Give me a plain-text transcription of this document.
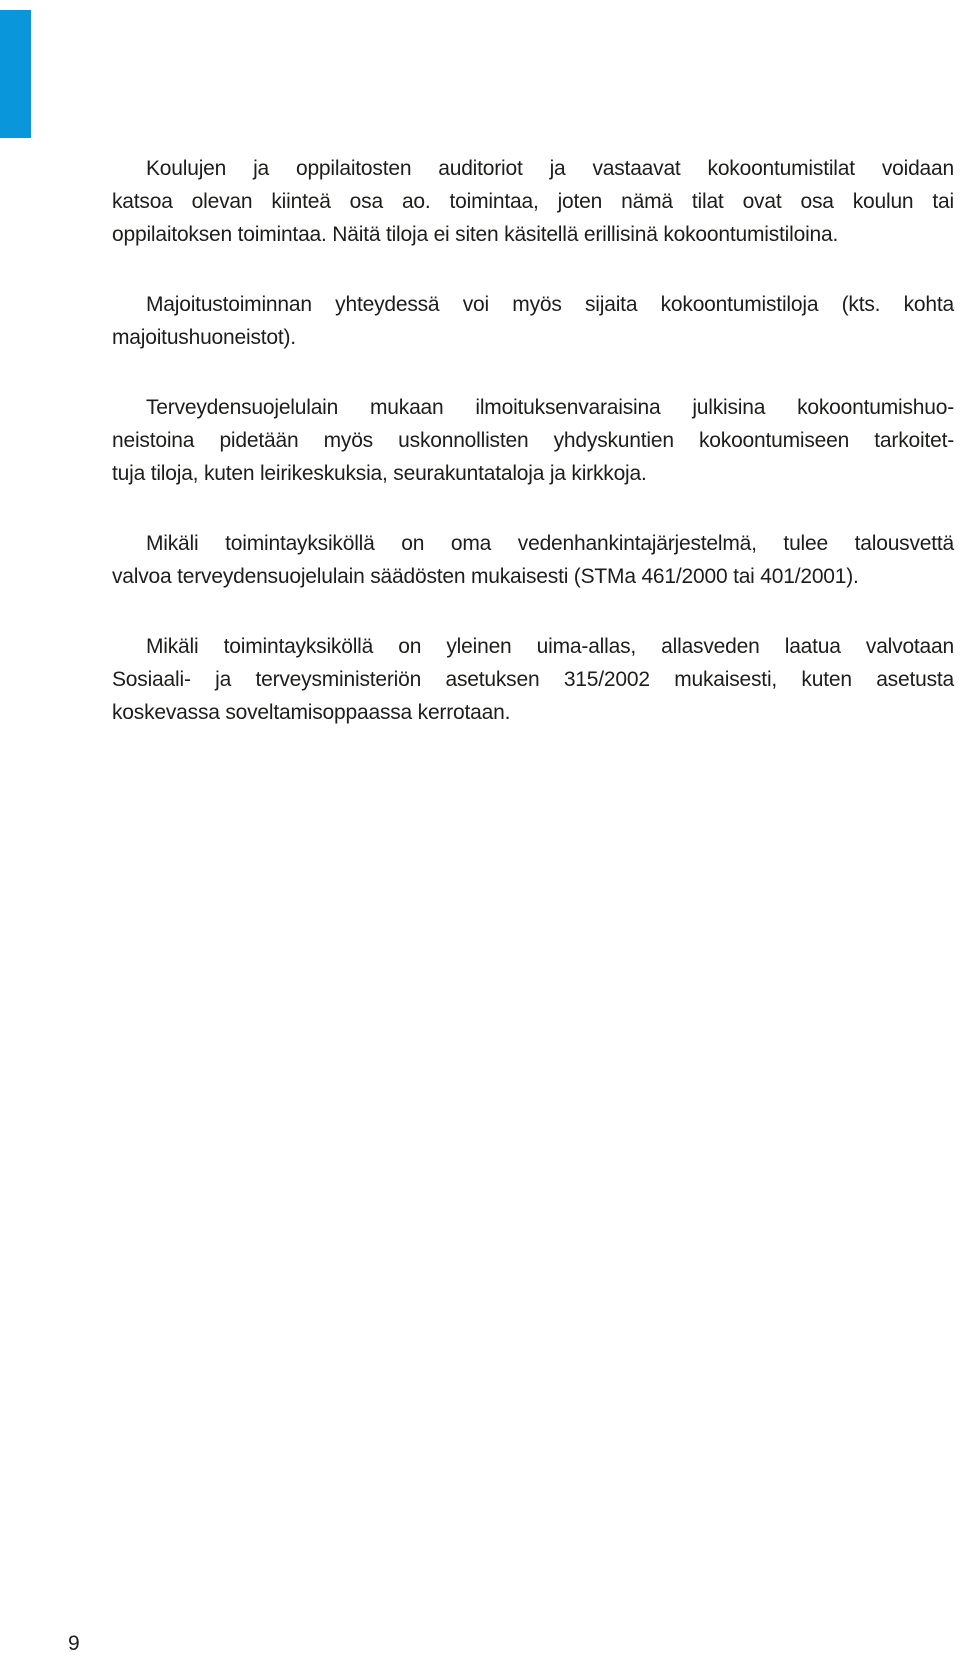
Koulujen ja oppilaitosten auditoriot ja vastaavat kokoontumistilat voidaan
katsoa olevan kiinteä osa ao. toimintaa, joten nämä tilat ovat osa koulun tai
oppilaitoksen toimintaa. Näitä tiloja ei siten käsitellä erillisinä kokoontumistiloina.

Majoitustoiminnan yhteydessä voi myös sijaita kokoontumistiloja (kts. kohta
majoitushuoneistot).

Terveydensuojelulain mukaan ilmoituksenvaraisina julkisina kokoontumishuo-
neistoina pidetään myös uskonnollisten yhdyskuntien kokoontumiseen tarkoitet-
tuja tiloja, kuten leirikeskuksia, seurakuntataloja ja kirkkoja.

Mikäli toimintayksiköllä on oma vedenhankintajärjestelmä, tulee talousvettä
valvoa terveydensuojelulain säädösten mukaisesti (STMa 461/2000 tai 401/2001).

Mikäli toimintayksiköllä on yleinen uima-allas, allasveden laatua valvotaan
Sosiaali- ja terveysministeriön asetuksen 315/2002 mukaisesti, kuten asetusta
koskevassa soveltamisoppaassa kerrotaan.

9
